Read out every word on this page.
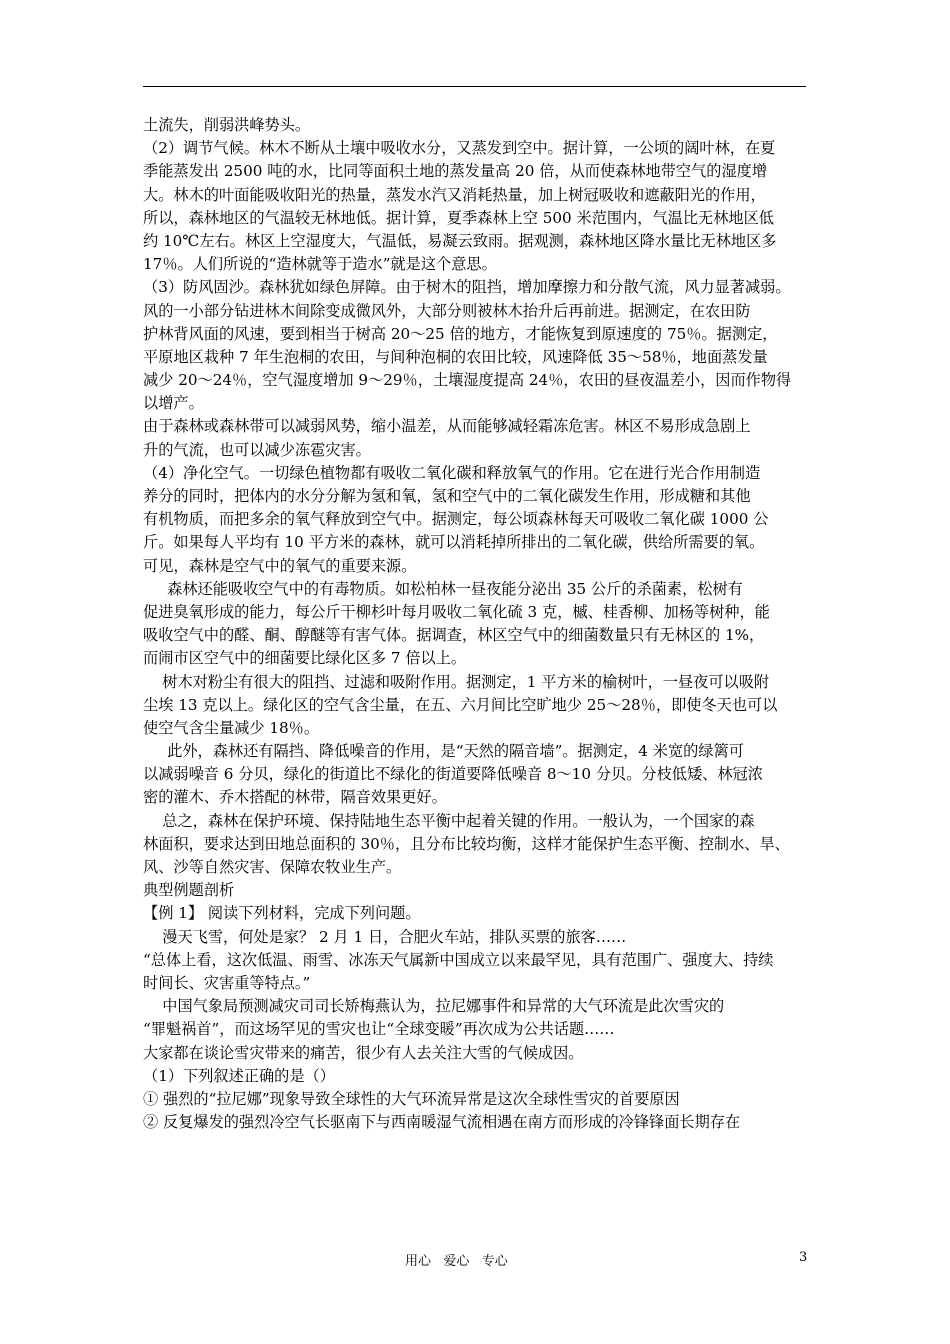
土流失，削弱洪峰势头。
（2）调节气候。林木不断从土壤中吸收水分，又蒸发到空中。据计算，一公顷的阔叶林，在夏
季能蒸发出 2500 吨的水，比同等面积土地的蒸发量高 20 倍，从而使森林地带空气的湿度增
大。林木的叶面能吸收阳光的热量，蒸发水汽又消耗热量，加上树冠吸收和遮蔽阳光的作用，
所以，森林地区的气温较无林地低。据计算，夏季森林上空 500 米范围内，气温比无林地区低
约 10℃左右。林区上空湿度大，气温低，易凝云致雨。据观测，森林地区降水量比无林地区多
17％。人们所说的“造林就等于造水”就是这个意思。
（3）防风固沙。森林犹如绿色屏障。由于树木的阻挡，增加摩擦力和分散气流，风力显著减弱。
风的一小部分钻进林木间除变成微风外，大部分则被林木抬升后再前进。据测定，在农田防
护林背风面的风速，要到相当于树高 20～25 倍的地方，才能恢复到原速度的 75％。据测定，
平原地区栽种 7 年生泡桐的农田，与间种泡桐的农田比较，风速降低 35～58％，地面蒸发量
减少 20～24％，空气湿度增加 9～29％，土壤湿度提高 24％，农田的昼夜温差小，因而作物得
以增产。
由于森林或森林带可以减弱风势，缩小温差，从而能够减轻霜冻危害。林区不易形成急剧上
升的气流，也可以减少冻雹灾害。
（4）净化空气。一切绿色植物都有吸收二氧化碳和释放氧气的作用。它在进行光合作用制造
养分的同时，把体内的水分分解为氢和氧，氢和空气中的二氧化碳发生作用，形成糖和其他
有机物质，而把多余的氧气释放到空气中。据测定，每公顷森林每天可吸收二氧化碳 1000 公
斤。如果每人平均有 10 平方米的森林，就可以消耗掉所排出的二氧化碳，供给所需要的氧。
可见，森林是空气中的氧气的重要来源。
森林还能吸收空气中的有毒物质。如松柏林一昼夜能分泌出 35 公斤的杀菌素，松树有
促进臭氧形成的能力，每公斤干柳杉叶每月吸收二氧化硫 3 克，槭、桂香柳、加杨等树种，能
吸收空气中的醛、酮、醇醚等有害气体。据调查，林区空气中的细菌数量只有无林区的 1%，
而闹市区空气中的细菌要比绿化区多 7 倍以上。
树木对粉尘有很大的阻挡、过滤和吸附作用。据测定，1 平方米的榆树叶，一昼夜可以吸附
尘埃 13 克以上。绿化区的空气含尘量，在五、六月间比空旷地少 25～28％，即使冬天也可以
使空气含尘量减少 18％。
此外，森林还有隔挡、降低噪音的作用，是“天然的隔音墙”。据测定，4 米宽的绿篱可
以减弱噪音 6 分贝，绿化的街道比不绿化的街道要降低噪音 8～10 分贝。分枝低矮、林冠浓
密的灌木、乔木搭配的林带，隔音效果更好。
总之，森林在保护环境、保持陆地生态平衡中起着关键的作用。一般认为，一个国家的森
林面积，要求达到田地总面积的 30％，且分布比较均衡，这样才能保护生态平衡、控制水、旱、
风、沙等自然灾害、保障农牧业生产。
典型例题剖析
【例 1】 阅读下列材料，完成下列问题。
漫天飞雪，何处是家？ 2 月 1 日，合肥火车站，排队买票的旅客……
“总体上看，这次低温、雨雪、冰冻天气属新中国成立以来最罕见，具有范围广、强度大、持续
时间长、灾害重等特点。”
中国气象局预测减灾司司长矫梅燕认为，拉尼娜事件和异常的大气环流是此次雪灾的
“罪魁祸首”，而这场罕见的雪灾也让“全球变暖”再次成为公共话题……
大家都在谈论雪灾带来的痛苦，很少有人去关注大雪的气候成因。
（1）下列叙述正确的是（）
① 强烈的“拉尼娜”现象导致全球性的大气环流异常是这次全球性雪灾的首要原因
② 反复爆发的强烈冷空气长驱南下与西南暖湿气流相遇在南方而形成的冷锋锋面长期存在
用心   爱心   专心	3
